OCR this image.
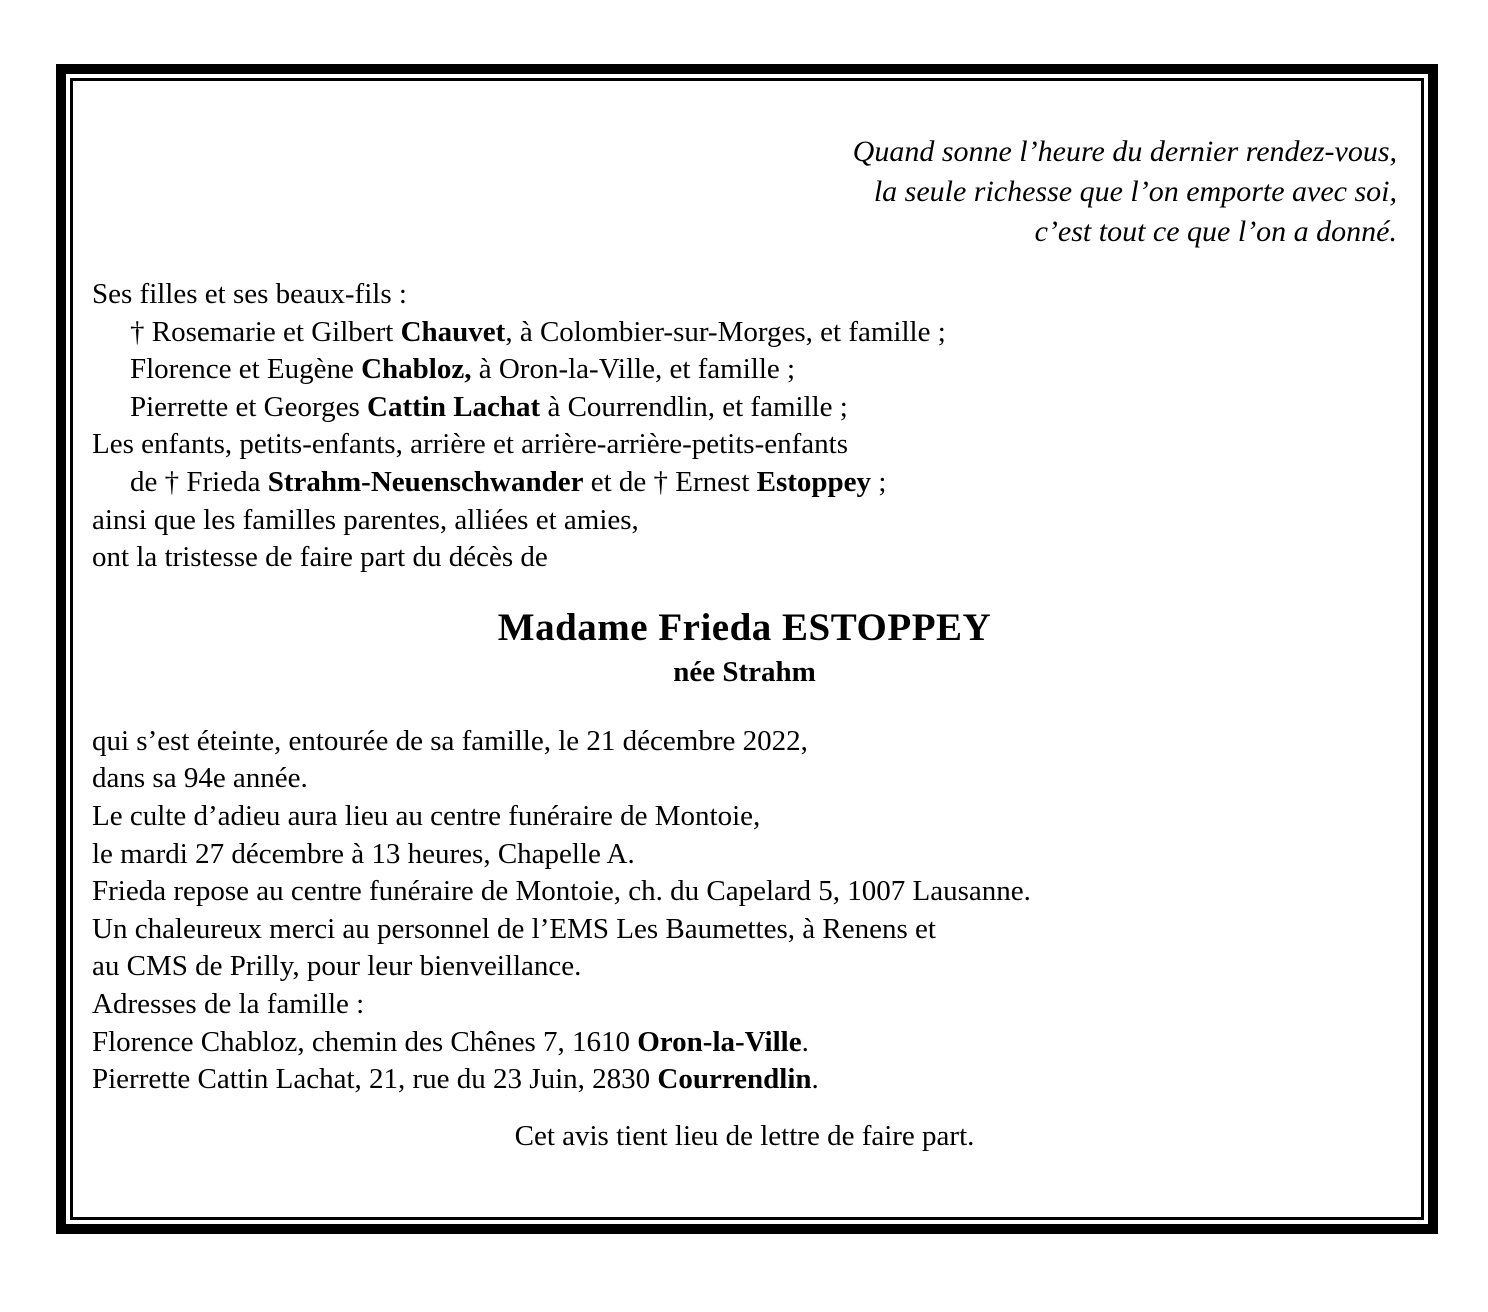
Quand sonne l’heure du dernier rendez-vous,
la seule richesse que l’on emporte avec soi,
c’est tout ce que l’on a donné.
Ses filles et ses beaux-fils :
† Rosemarie et Gilbert Chauvet, à Colombier-sur-Morges, et famille ;
Florence et Eugène Chabloz, à Oron-la-Ville, et famille ;
Pierrette et Georges Cattin Lachat à Courrendlin, et famille ;
Les enfants, petits-enfants, arrière et arrière-arrière-petits-enfants
de † Frieda Strahm-Neuenschwander et de † Ernest Estoppey ;
ainsi que les familles parentes, alliées et amies,
ont la tristesse de faire part du décès de
Madame Frieda ESTOPPEY
née Strahm
qui s’est éteinte, entourée de sa famille, le 21 décembre 2022,
dans sa 94e année.
Le culte d’adieu aura lieu au centre funéraire de Montoie,
le mardi 27 décembre à 13 heures, Chapelle A.
Frieda repose au centre funéraire de Montoie, ch. du Capelard 5, 1007 Lausanne.
Un chaleureux merci au personnel de l’EMS Les Baumettes, à Renens et
au CMS de Prilly, pour leur bienveillance.
Adresses de la famille :
Florence Chabloz, chemin des Chênes 7, 1610 Oron-la-Ville.
Pierrette Cattin Lachat, 21, rue du 23 Juin, 2830 Courrendlin.
Cet avis tient lieu de lettre de faire part.
